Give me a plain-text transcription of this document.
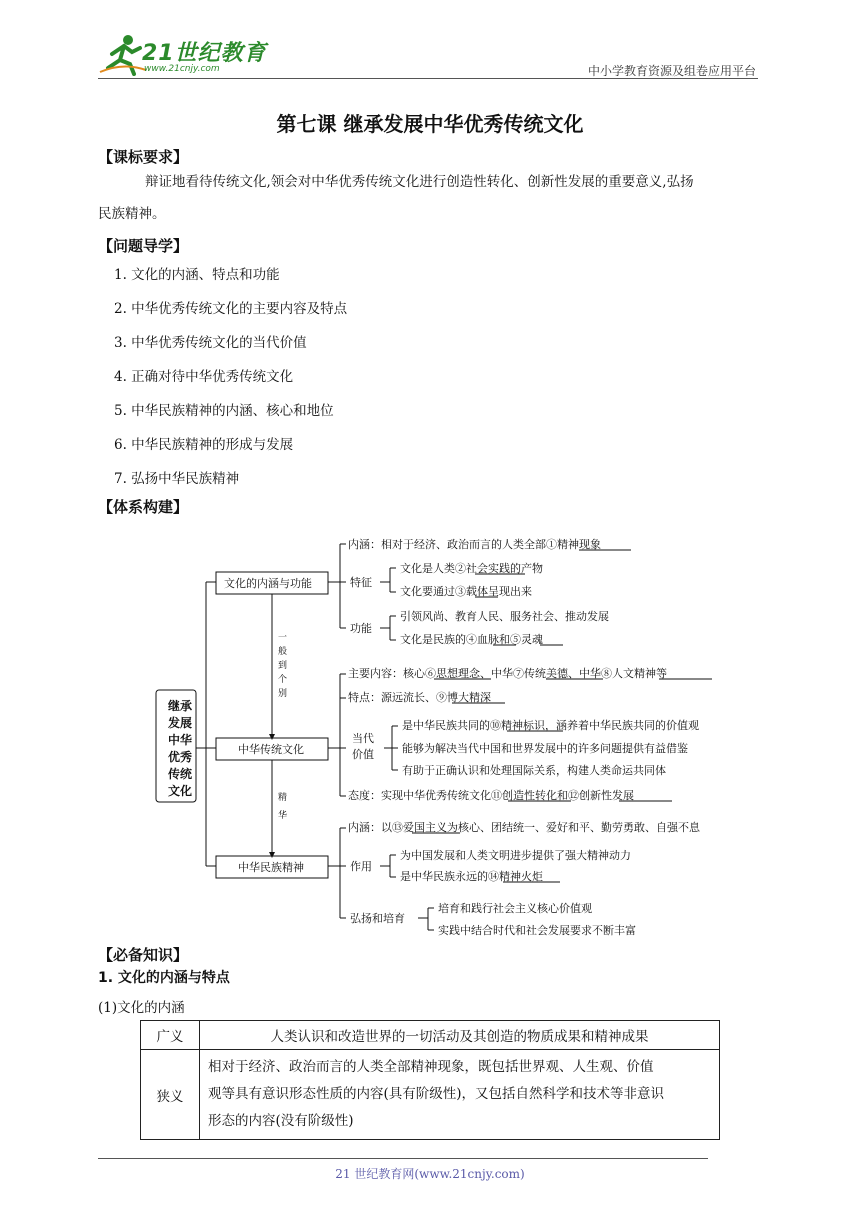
21世纪教育
www.21cnjy.com	中小学教育资源及组卷应用平台
第七课 继承发展中华优秀传统文化
【课标要求】
辩证地看待传统文化,领会对中华优秀传统文化进行创造性转化、创新性发展的重要意义,弘扬
民族精神。
【问题导学】
1. 文化的内涵、特点和功能
2. 中华优秀传统文化的主要内容及特点
3. 中华优秀传统文化的当代价值
4. 正确对待中华优秀传统文化
5. 中华民族精神的内涵、核心和地位
6. 中华民族精神的形成与发展
7. 弘扬中华民族精神
【体系构建】
继承
发展
中华
优秀
传统
文化
文化的内涵与功能
中华传统文化
中华民族精神
一
般
到
个
别
精
华
内涵：相对于经济、政治而言的人类全部①精神现象
特征
文化是人类②社会实践的产物
文化要通过③载体呈现出来
功能
引领风尚、教育人民、服务社会、推动发展
文化是民族的④血脉和⑤灵魂
主要内容：核心⑥思想理念、中华⑦传统美德、中华⑧人文精神等
特点：源远流长、⑨博大精深
当代
价值
是中华民族共同的⑩精神标识，涵养着中华民族共同的价值观
能够为解决当代中国和世界发展中的许多问题提供有益借鉴
有助于正确认识和处理国际关系，构建人类命运共同体
态度：实现中华优秀传统文化⑪创造性转化和⑫创新性发展
内涵：以⑬爱国主义为核心、团结统一、爱好和平、勤劳勇敢、自强不息
作用
为中国发展和人类文明进步提供了强大精神动力
是中华民族永远的⑭精神火炬
弘扬和培育
培育和践行社会主义核心价值观
实践中结合时代和社会发展要求不断丰富
【必备知识】
1. 文化的内涵与特点
(1)文化的内涵
广义	人类认识和改造世界的一切活动及其创造的物质成果和精神成果
狭义	相对于经济、政治而言的人类全部精神现象，既包括世界观、人生观、价值
观等具有意识形态性质的内容(具有阶级性)，又包括自然科学和技术等非意识
形态的内容(没有阶级性)
21 世纪教育网(www.21cnjy.com)
